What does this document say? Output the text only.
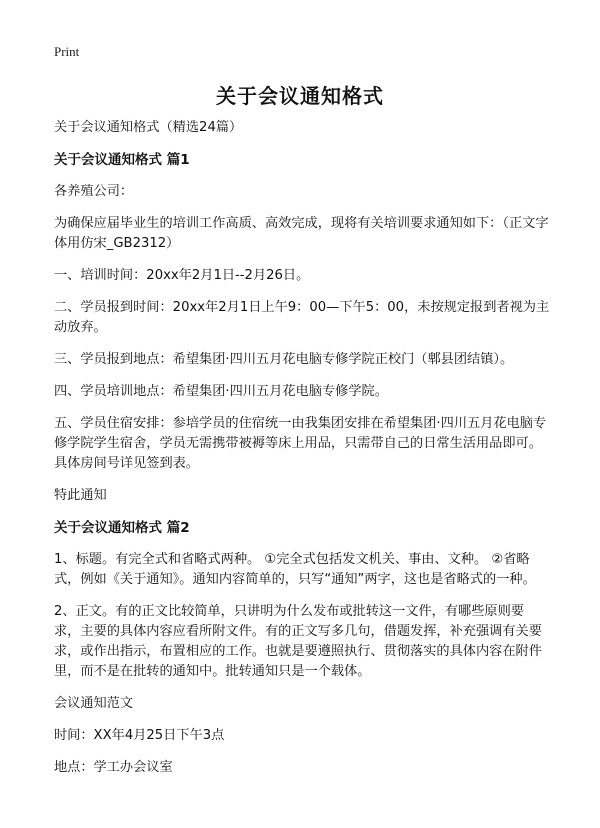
Print
关于会议通知格式

关于会议通知格式（精选24篇）

关于会议通知格式 篇1

各养殖公司：

为确保应届毕业生的培训工作高质、高效完成，现将有关培训要求通知如下：（正文字体用仿宋_GB2312）

一、培训时间：20xx年2月1日--2月26日。

二、学员报到时间：20xx年2月1日上午9：00—下午5：00，未按规定报到者视为主动放弃。

三、学员报到地点：希望集团·四川五月花电脑专修学院正校门（郫县团结镇）。

四、学员培训地点：希望集团·四川五月花电脑专修学院。

五、学员住宿安排：参培学员的住宿统一由我集团安排在希望集团·四川五月花电脑专修学院学生宿舍，学员无需携带被褥等床上用品，只需带自己的日常生活用品即可。具体房间号详见签到表。

特此通知

关于会议通知格式 篇2

1、标题。有完全式和省略式两种。 ①完全式包括发文机关、事由、文种。 ②省略式，例如《关于通知》。通知内容简单的，只写“通知”两字，这也是省略式的一种。

2、正文。有的正文比较简单，只讲明为什么发布或批转这一文件，有哪些原则要求，主要的具体内容应看所附文件。有的正文写多几句，借题发挥，补充强调有关要求，或作出指示，布置相应的工作。也就是要遵照执行、贯彻落实的具体内容在附件里，而不是在批转的通知中。批转通知只是一个载体。

会议通知范文

时间：XX年4月25日下午3点

地点：学工办会议室
